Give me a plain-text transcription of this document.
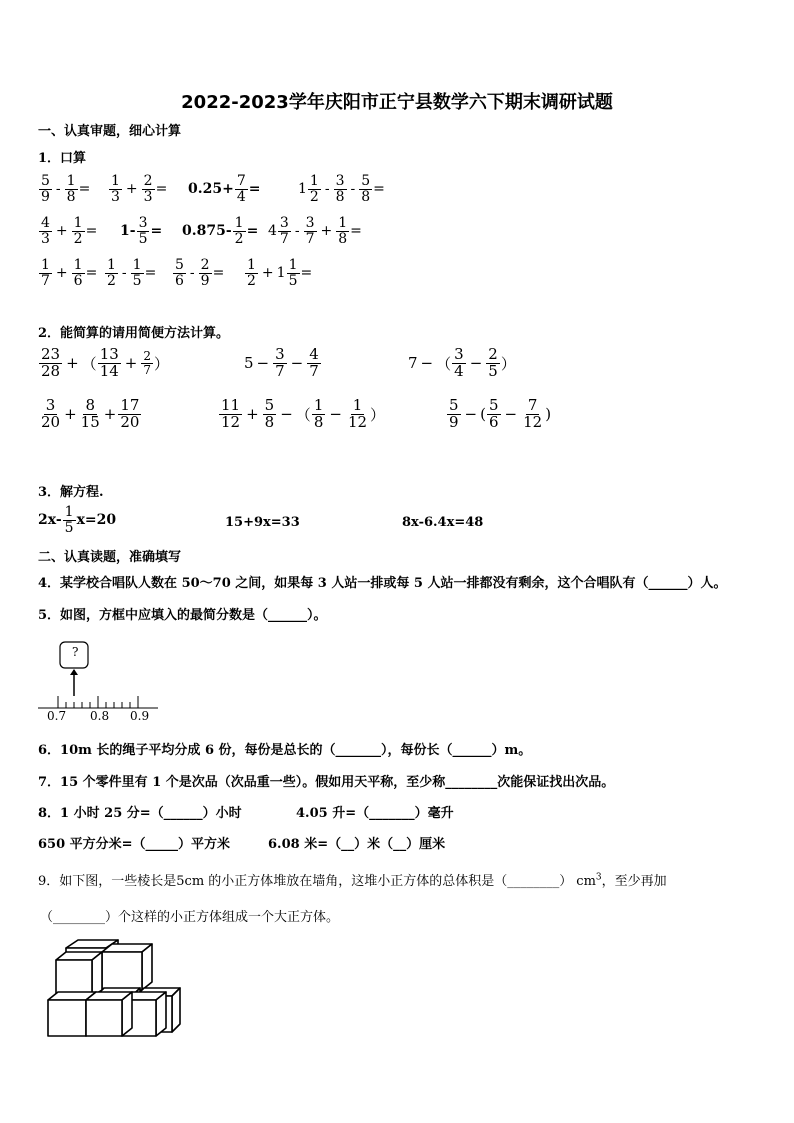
2022-2023学年庆阳市正宁县数学六下期末调研试题
一、认真审题，细心计算
1．口算
$\frac{5}{9} - \frac{1}{8} = \frac{1}{3} + \frac{2}{3} = 0.25+ \frac{7}{4}$ =	$1 \frac{1}{2} - \frac{3}{8} - \frac{5}{8}$ =
$\frac{4}{3} + \frac{1}{2} = 1- \frac{3}{5} = 0.875- \frac{1}{2} = 4 \frac{3}{7} - \frac{3}{7} + \frac{1}{8}$ =
$\frac{1}{7} + \frac{1}{6} = \frac{1}{2} - \frac{1}{5} = \frac{5}{6} - \frac{2}{9} = \frac{1}{2} + 1 \frac{1}{5}$ =
2．能简算的请用简便方法计算。
$\frac{23}{28}$ + （ $\frac{13}{14} + \frac{2}{7}$ ）	$5 - \frac{3}{7} - \frac{4}{7}$	7 − （ $\frac{3}{4} - \frac{2}{5}$ ）
$\frac{3}{20} + \frac{8}{15} + \frac{17}{20}$	$\frac{11}{12} + \frac{5}{8}$ − （ $\frac{1}{8} - \frac{1}{12}$ ）	$\frac{5}{9}$ − ( $\frac{5}{6} - \frac{7}{12}$ )
3．解方程.
$2x- \frac{1}{5} x=20$	15+9x=33	8x-6.4x=48
二、认真读题，准确填写
4．某学校合唱队人数在 50～70 之间，如果每 3 人站一排或每 5 人站一排都没有剩余，这个合唱队有（______）人。
5．如图，方框中应填入的最简分数是（______）。
?
0.7 0.8 0.9
6．10m 长的绳子平均分成 6 份，每份是总长的（_______），每份长（______）m。
7．15 个零件里有 1 个是次品（次品重一些）。假如用天平称，至少称________次能保证找出次品。
8．1 小时 25 分=（______）小时	4.05 升=（_______）毫升
650 平方分米=（_____）平方米	6.08 米=（__）米（__）厘米
9．如下图，一些棱长是5cm 的小正方体堆放在墙角，这堆小正方体的总体积是（________） $cm^3$，至少再加
（________）个这样的小正方体组成一个大正方体。
